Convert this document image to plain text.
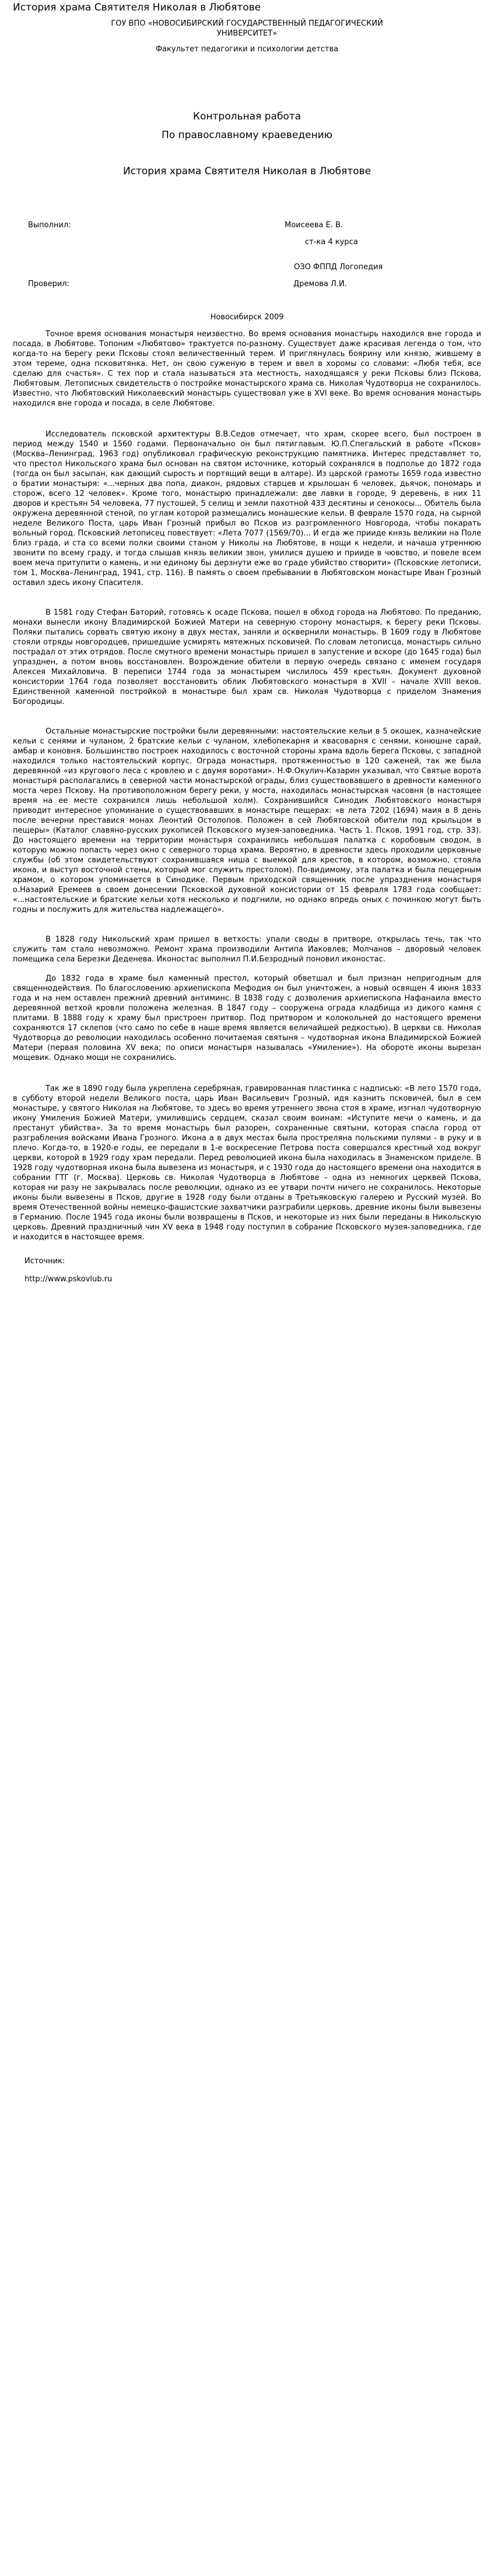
История храма Святителя Николая в Любятове
ГОУ ВПО «НОВОСИБИРСКИЙ ГОСУДАРСТВЕННЫЙ ПЕДАГОГИЧЕСКИЙ
УНИВЕРСИТЕТ»
Факультет педагогики и психологии детства
Контрольная работа
По православному краеведению
История храма Святителя Николая в Любятове
Выполнил:	Моисеева Е. В.
ст-ка 4 курса
ОЗО ФППД Логопедия
Проверил:	Дремова Л.И.
Новосибирск 2009

Точное время основания монастыря неизвестно. Во время основания монастырь находился вне города и посада, в Любятове. Топоним «Любятово» трактуется по-разному. Существует даже красивая легенда о том, что когда-то на берегу реки Псковы стоял величественный терем. И приглянулась боярину или князю, жившему в этом тереме, одна псковитянка. Нет, он свою суженую в терем и ввел в хоромы со словами: «Любя тебя, все сделаю для счастья». С тех пор и стала называться эта местность, находящаяся у реки Псковы близ Пскова, Любятовым. Летописных свидетельств о постройке монастырского храма св. Николая Чудотворца не сохранилось. Известно, что Любятовский Николаевский монастырь существовал уже в XVI веке. Во время основания монастырь находился вне города и посада, в селе Любятове.

Исследователь псковской архитектуры В.В.Седов отмечает, что храм, скорее всего, был построен в период между 1540 и 1560 годами. Первоначально он был пятиглавым. Ю.П.Спегальский в работе «Псков» (Москва–Ленинград, 1963 год) опубликовал графическую реконструкцию памятника. Интерес представляет то, что престол Никольского храма был основан на святом источнике, который сохранялся в подполье до 1872 года (тогда он был засыпан, как дающий сырость и портящий вещи в алтаре). Из царской грамоты 1659 года известно о братии монастыря: «...черных два попа, диакон, рядовых старцев и крылошан 6 человек, дьячок, пономарь и сторож, всего 12 человек». Кроме того, монастырю принадлежали: две лавки в городе, 9 деревень, в них 11 дворов и крестьян 54 человека, 77 пустошей, 5 селищ и земли пахотной 433 десятины и сенокосы... Обитель была окружена деревянной стеной, по углам которой размещались монашеские кельи. В феврале 1570 года, на сырной неделе Великого Поста, царь Иван Грозный прибыл во Псков из разгромленного Новгорода, чтобы покарать вольный город. Псковский летописец повествует: «Лета 7077 (1569/70)... И егда же прииде князь великии на Поле близ града, и ста со всеми полки своими станом у Николы на Любятове, в нощи к недели, и начаша утреннюю звонити по всему граду, и тогда слышав князь великии звон, умилися душею и прииде в чювство, и повеле всем воем меча притупити о камень, и ни единому бы дерзнути еже во граде убийство створити» (Псковские летописи, том 1, Москва–Ленинград, 1941, стр. 116). В память о своем пребывании в Любятовском монастыре Иван Грозный оставил здесь икону Спасителя.

В 1581 году Стефан Баторий, готовясь к осаде Пскова, пошел в обход города на Любятово. По преданию, монахи вынесли икону Владимирской Божией Матери на северную сторону монастыря, к берегу реки Псковы. Поляки пытались сорвать святую икону в двух местах, заняли и осквернили монастырь. В 1609 году в Любятове стояли отряды новгородцев, пришедшие усмирять мятежных псковичей. По словам летописца, монастырь сильно пострадал от этих отрядов. После смутного времени монастырь пришел в запустение и вскоре (до 1645 года) был упразднен, а потом вновь восстановлен. Возрождение обители в первую очередь связано с именем государя Алексея Михайловича. В переписи 1744 года за монастырем числилось 459 крестьян. Документ духовной консистории 1764 года позволяет восстановить облик Любятовского монастыря в XVII – начале XVIII веков. Единственной каменной постройкой в монастыре был храм св. Николая Чудотворца с приделом Знамения Богородицы.

Остальные монастырские постройки были деревянными: настоятельские кельи в 5 окошек, казначейские кельи с сенями и чуланом, 2 братские кельи с чуланом, хлебопекарня и квасоварня с сенями, конюшне сарай, амбар и коновня. Большинство построек находилось с восточной стороны храма вдоль берега Псковы, с западной находился только настоятельский корпус. Ограда монастыря, протяженностью в 120 саженей, так же была деревянной «из кругового леса с кровлею и с двумя воротами». Н.Ф.Окулич-Казарин указывал, что Святые ворота монастыря располагались в северной части монастырской ограды, близ существовавшего в древности каменного моста через Пскову. На противоположном берегу реки, у моста, находилась монастырская часовня (в настоящее время на ее месте сохранился лишь небольшой холм). Сохранившийся Синодик Любятовского монастыря приводит интересное упоминание о существовавших в монастыре пещерах: «в лета 7202 (1694) маия в 8 день после вечерни преставися монах Леонтий Остолопов. Положен в сей Любятовской обители под крыльцом в пещеры» (Каталог славяно-русских рукописей Псковского музея-заповедника. Часть 1. Псков, 1991 год, стр. 33). До настоящего времени на территории монастыря сохранились небольшая палатка с коробовым сводом, в которую можно попасть через окно с северного торца храма. Вероятно, в древности здесь проходили церковные службы (об этом свидетельствуют сохранившаяся ниша с выемкой для крестов, в котором, возможно, стояла икона, и выступ восточной стены, который мог служить престолом). По-видимому, эта палатка и была пещерным храмом, о котором упоминается в Синодике. Первым приходской священник после упразднения монастыря о.Назарий Еремеев в своем донесении Псковской духовной консистории от 15 февраля 1783 года сообщает: «...настоятельские и братские кельи хотя несколько и подгнили, но однако впредь оных с починкою могут быть годны и послужить для жительства надлежащего».

В 1828 году Никольский храм пришел в ветхость: упали своды в притворе, открылась течь, так что служить там стало невозможно. Ремонт храма производили Антипа Иаковлев; Молчанов – дворовый человек помещика села Березки Деденева. Иконостас выполнил П.И.Безродный поновил иконостас.

До 1832 года в храме был каменный престол, который обветшал и был признан непригодным для священнодействия. По благословению архиепископа Мефодия он был уничтожен, а новый освящен 4 июня 1833 года и на нем оставлен прежний древний антиминс. В 1838 году с дозволения архиепископа Нафанаила вместо деревянной ветхой кровли положена железная. В 1847 году – сооружена ограда кладбища из дикого камня с плитами. В 1888 году к храму был пристроен притвор. Под притвором и колокольней до настоящего времени сохраняются 17 склепов (что само по себе в наше время является величайшей редкостью). В церкви св. Николая Чудотворца до революции находилась особенно почитаемая святыня – чудотворная икона Владимирской Божией Матери (первая половина XV века; по описи монастыря называлась «Умиление»). На обороте иконы вырезан мощевик. Однако мощи не сохранились.

Так же в 1890 году была укреплена серебряная, гравированная пластинка с надписью: «В лето 1570 года, в субботу второй недели Великого поста, царь Иван Васильевич Грозный, идя казнить псковичей, был в сем монастыре, у святого Николая на Любятове, то здесь во время утреннего звона стоя в храме, изгнал чудотворную икону Умиления Божией Матери, умилившись сердцем, сказал своим воинам: «Иступите мечи о камень, и да престанут убийства». За то время монастырь был разорен, сохраненные святыни, которая спасла город от разграбления войсками Ивана Грозного. Икона а в двух местах была простреляна польскими пулями - в руку и в плечо. Когда-то, в 1920-е годы, ее передали в 1-е воскресение Петрова поста совершался крестный ход вокруг церкви, которой в 1929 году храм передали. Перед революцией икона была находилась в Знаменском приделе. В 1928 году чудотворная икона была вывезена из монастыря, и с 1930 года до настоящего времени она находится в собрании ГТГ (г. Москва). Церковь св. Николая Чудотворца в Любятове – одна из немногих церквей Пскова, которая ни разу не закрывалась после революции, однако из ее утвари почти ничего не сохранилось. Некоторые иконы были вывезены в Псков, другие в 1928 году были отданы в Третьяковскую галерею и Русский музей. Во время Отечественной войны немецко-фашистские захватчики разграбили церковь, древние иконы были вывезены в Германию. После 1945 года иконы были возвращены в Псков, и некоторые из них были переданы в Никольскую церковь. Древний праздничный чин XV века в 1948 году поступил в собрание Псковского музея-заповедника, где и находится в настоящее время.

Источник:
http://www.pskovlub.ru
